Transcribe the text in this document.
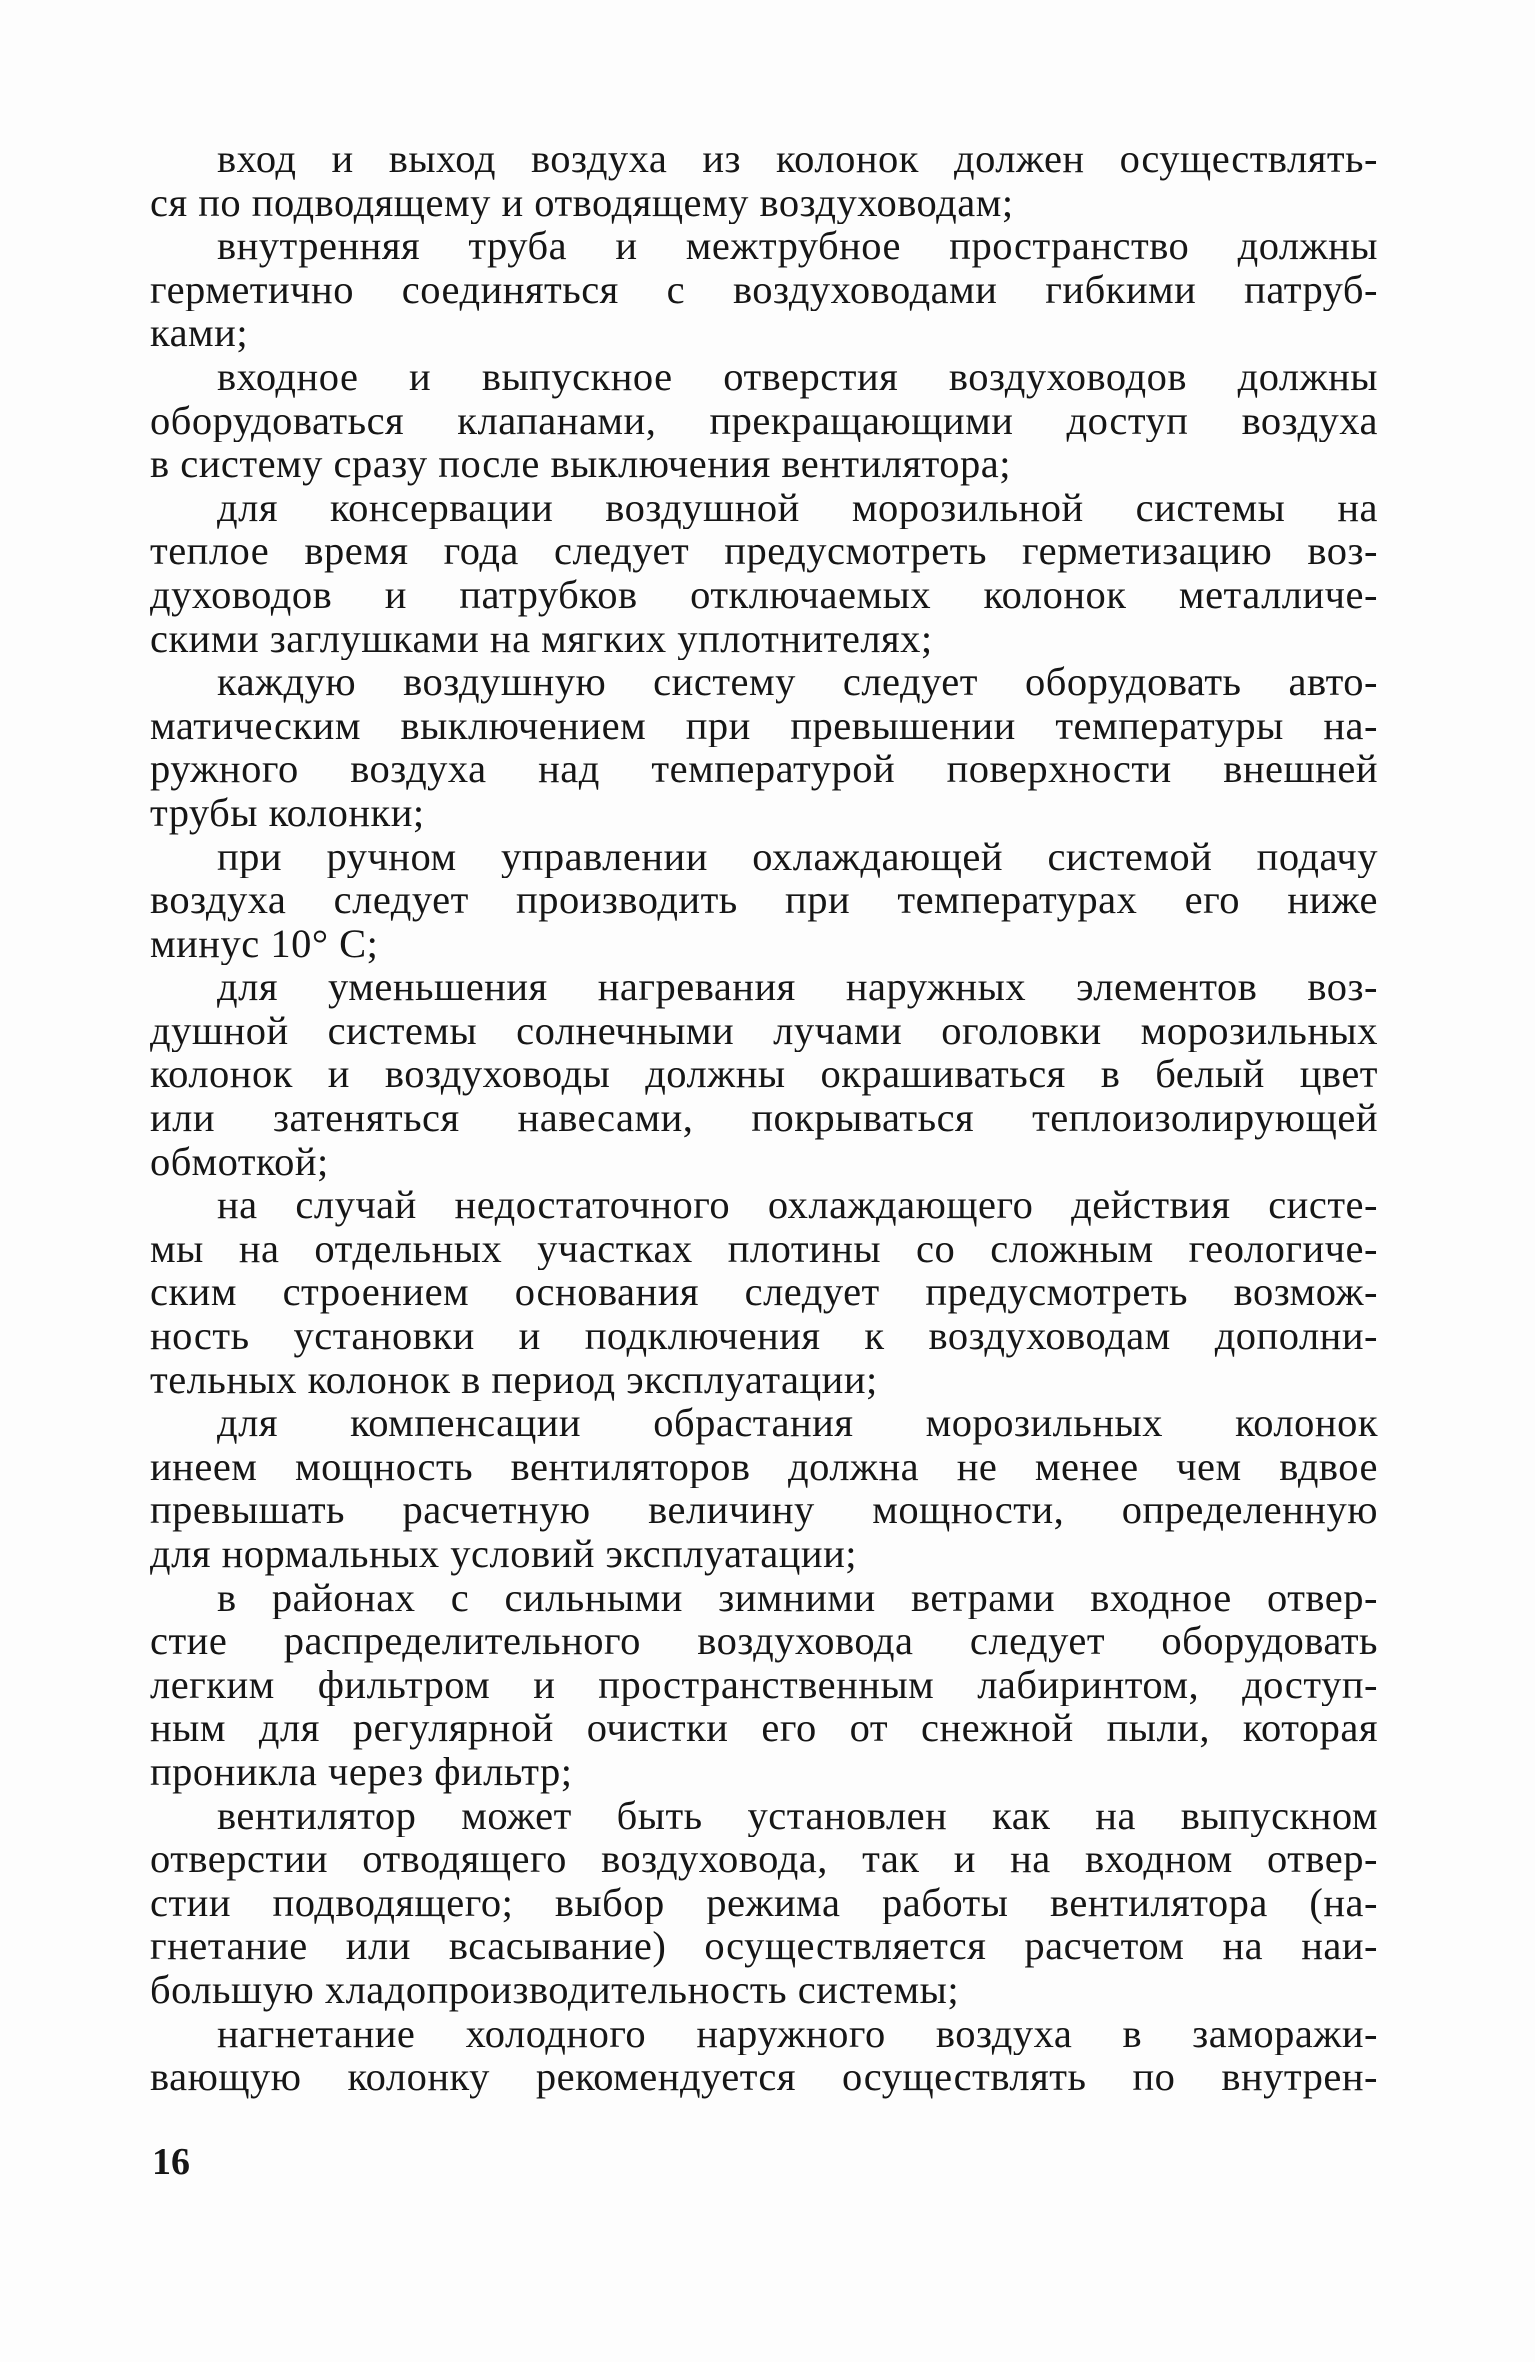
вход и выход воздуха из колонок должен осуществлять-
ся по подводящему и отводящему воздуховодам;
внутренняя труба и межтрубное пространство должны
герметично соединяться с воздуховодами гибкими патруб-
ками;
входное и выпускное отверстия воздуховодов должны
оборудоваться клапанами, прекращающими доступ воздуха
в систему сразу после выключения вентилятора;
для консервации воздушной морозильной системы на
теплое время года следует предусмотреть герметизацию воз-
духоводов и патрубков отключаемых колонок металличе-
скими заглушками на мягких уплотнителях;
каждую воздушную систему следует оборудовать авто-
матическим выключением при превышении температуры на-
ружного воздуха над температурой поверхности внешней
трубы колонки;
при ручном управлении охлаждающей системой подачу
воздуха следует производить при температурах его ниже
минус 10° С;
для уменьшения нагревания наружных элементов воз-
душной системы солнечными лучами оголовки морозильных
колонок и воздуховоды должны окрашиваться в белый цвет
или затеняться навесами, покрываться теплоизолирующей
обмоткой;
на случай недостаточного охлаждающего действия систе-
мы на отдельных участках плотины со сложным геологиче-
ским строением основания следует предусмотреть возмож-
ность установки и подключения к воздуховодам дополни-
тельных колонок в период эксплуатации;
для компенсации обрастания морозильных колонок
инеем мощность вентиляторов должна не менее чем вдвое
превышать расчетную величину мощности, определенную
для нормальных условий эксплуатации;
в районах с сильными зимними ветрами входное отвер-
стие распределительного воздуховода следует оборудовать
легким фильтром и пространственным лабиринтом, доступ-
ным для регулярной очистки его от снежной пыли, которая
проникла через фильтр;
вентилятор может быть установлен как на выпускном
отверстии отводящего воздуховода, так и на входном отвер-
стии подводящего; выбор режима работы вентилятора (на-
гнетание или всасывание) осуществляется расчетом на наи-
большую хладопроизводительность системы;
нагнетание холодного наружного воздуха в заморажи-
вающую колонку рекомендуется осуществлять по внутрен-
16
